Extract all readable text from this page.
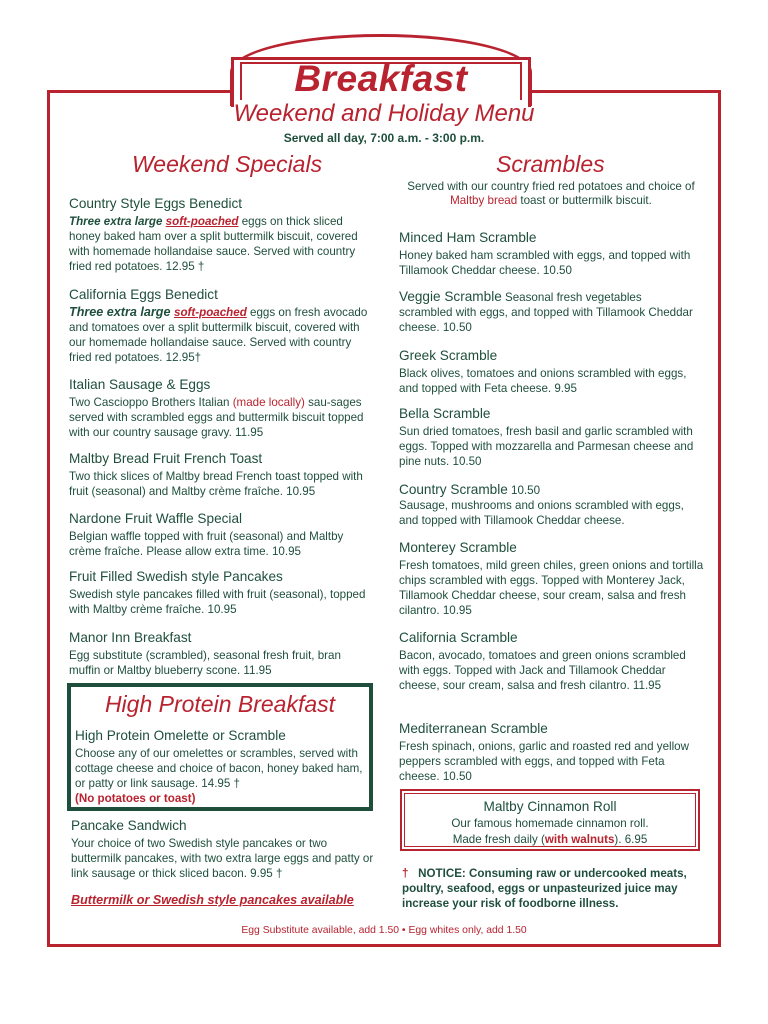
Breakfast
Weekend and Holiday Menu
Served all day, 7:00 a.m. - 3:00 p.m.
Weekend Specials
Country Style Eggs Benedict
Three extra large soft-poached eggs on thick sliced honey baked ham over a split buttermilk biscuit, covered with homemade hollandaise sauce. Served with country fried red potatoes. 12.95 †
California Eggs Benedict
Three extra large soft-poached eggs on fresh avocado and tomatoes over a split buttermilk biscuit, covered with our homemade hollandaise sauce. Served with country fried red potatoes. 12.95†
Italian Sausage & Eggs
Two Cascioppo Brothers Italian (made locally) sau-sages served with scrambled eggs and buttermilk biscuit topped with our country sausage gravy. 11.95
Maltby Bread Fruit French Toast
Two thick slices of Maltby bread French toast topped with fruit (seasonal) and Maltby crème fraîche. 10.95
Nardone Fruit Waffle Special
Belgian waffle topped with fruit (seasonal) and Maltby crème fraîche. Please allow extra time. 10.95
Fruit Filled Swedish style Pancakes
Swedish style pancakes filled with fruit (seasonal), topped with Maltby crème fraîche. 10.95
Manor Inn Breakfast
Egg substitute (scrambled), seasonal fresh fruit, bran muffin or Maltby blueberry scone. 11.95
High Protein Breakfast
High Protein Omelette or Scramble
Choose any of our omelettes or scrambles, served with cottage cheese and choice of bacon, honey baked ham, or patty or link sausage. 14.95 †
(No potatoes or toast)
Pancake Sandwich
Your choice of two Swedish style pancakes or two buttermilk pancakes, with two extra large eggs and patty or link sausage or thick sliced bacon. 9.95 †
Buttermilk or Swedish style pancakes available
Scrambles
Served with our country fried red potatoes and choice of Maltby bread toast or buttermilk biscuit.
Minced Ham Scramble
Honey baked ham scrambled with eggs, and topped with Tillamook Cheddar cheese. 10.50
Veggie Scramble Seasonal fresh vegetables
scrambled with eggs, and topped with Tillamook Cheddar cheese. 10.50
Greek Scramble
Black olives, tomatoes and onions scrambled with eggs, and topped with Feta cheese. 9.95
Bella Scramble
Sun dried tomatoes, fresh basil and garlic scrambled with eggs. Topped with mozzarella and Parmesan cheese and pine nuts. 10.50
Country Scramble 10.50
Sausage, mushrooms and onions scrambled with eggs, and topped with Tillamook Cheddar cheese.
Monterey Scramble
Fresh tomatoes, mild green chiles, green onions and tortilla chips scrambled with eggs. Topped with Monterey Jack, Tillamook Cheddar cheese, sour cream, salsa and fresh cilantro. 10.95
California Scramble
Bacon, avocado, tomatoes and green onions scrambled with eggs. Topped with Jack and Tillamook Cheddar cheese, sour cream, salsa and fresh cilantro. 11.95
Mediterranean Scramble
Fresh spinach, onions, garlic and roasted red and yellow peppers scrambled with eggs, and topped with Feta cheese. 10.50
Maltby Cinnamon Roll
Our famous homemade cinnamon roll.
Made fresh daily (with walnuts). 6.95
† NOTICE: Consuming raw or undercooked meats, poultry, seafood, eggs or unpasteurized juice may increase your risk of foodborne illness.
Egg Substitute available, add 1.50 • Egg whites only, add 1.50
